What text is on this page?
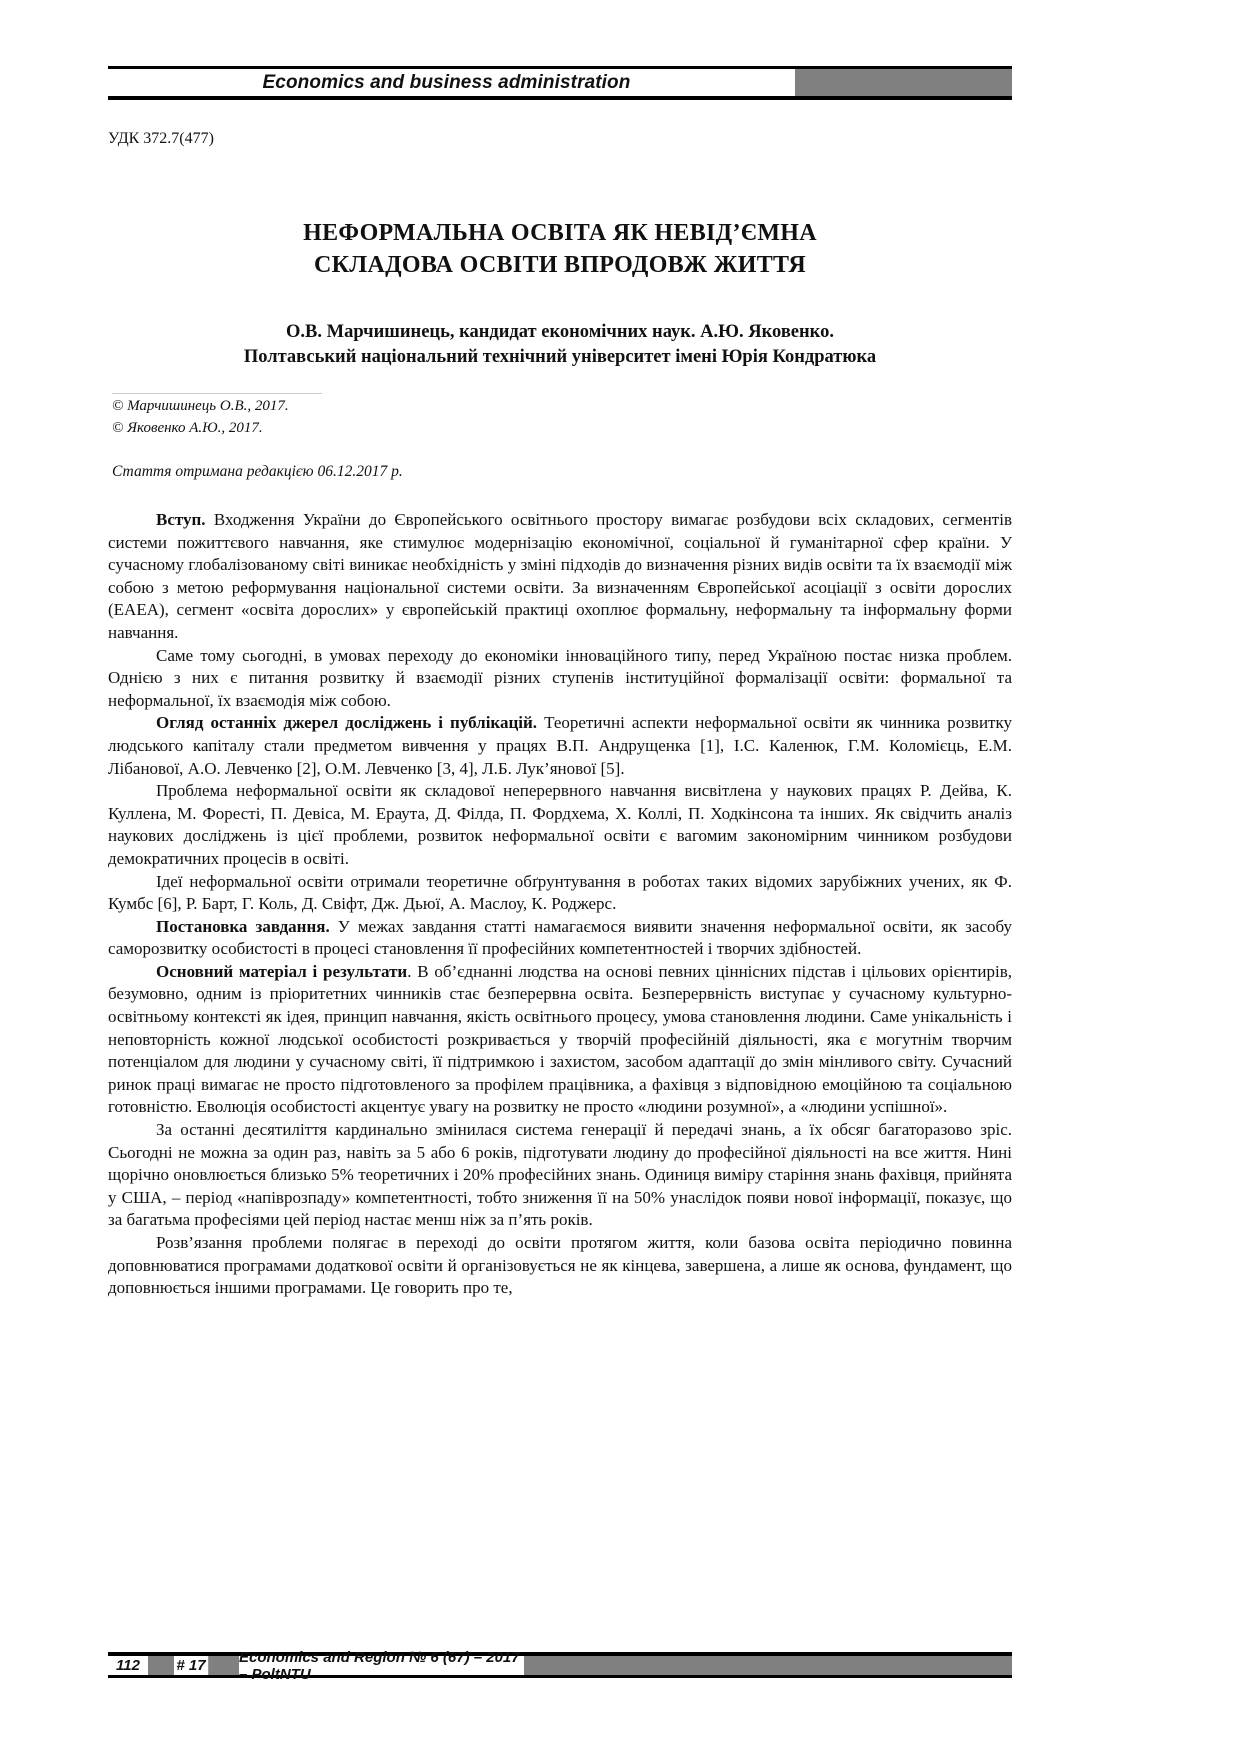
Economics and business administration
УДК 372.7(477)
НЕФОРМАЛЬНА ОСВІТА ЯК НЕВІД’ЄМНА
СКЛАДОВА ОСВІТИ ВПРОДОВЖ ЖИТТЯ
О.В. Марчишинець, кандидат економічних наук. А.Ю. Яковенко.
Полтавський національний технічний університет імені Юрія Кондратюка
© Марчишинець О.В., 2017.
© Яковенко А.Ю., 2017.
Стаття отримана редакцією 06.12.2017 р.

Вступ. Входження України до Європейського освітнього простору вимагає розбудови всіх складових, сегментів системи пожиттєвого навчання, яке стимулює модернізацію економічної, соціальної й гуманітарної сфер країни. У сучасному глобалізованому світі виникає необхідність у зміні підходів до визначення різних видів освіти та їх взаємодії між собою з метою реформування національної системи освіти. За визначенням Європейської асоціації з освіти дорослих (ЕАЕА), сегмент «освіта дорослих» у європейській практиці охоплює формальну, неформальну та інформальну форми навчання.

Саме тому сьогодні, в умовах переходу до економіки інноваційного типу, перед Україною постає низка проблем. Однією з них є питання розвитку й взаємодії різних ступенів інституційної формалізації освіти: формальної та неформальної, їх взаємодія між собою.

Огляд останніх джерел досліджень і публікацій. Теоретичні аспекти неформальної освіти як чинника розвитку людського капіталу стали предметом вивчення у працях В.П. Андрущенка [1], І.С. Каленюк, Г.М. Коломієць, Е.М. Лібанової, А.О. Левченко [2], О.М. Левченко [3, 4], Л.Б. Лук’янової [5].

Проблема неформальної освіти як складової неперервного навчання висвітлена у наукових працях Р. Дейва, К. Куллена, М. Форесті, П. Девіса, М. Ераута, Д. Філда, П. Фордхема, Х. Коллі, П. Ходкінсона та інших. Як свідчить аналіз наукових досліджень із цієї проблеми, розвиток неформальної освіти є вагомим закономірним чинником розбудови демократичних процесів в освіті.

Ідеї неформальної освіти отримали теоретичне обґрунтування в роботах таких відомих зарубіжних учених, як Ф. Кумбс [6], Р. Барт, Г. Коль, Д. Свіфт, Дж. Дьюї, А. Маслоу, К. Роджерс.

Постановка завдання. У межах завдання статті намагаємося виявити значення неформальної освіти, як засобу саморозвитку особистості в процесі становлення її професійних компетентностей і творчих здібностей.

Основний матеріал і результати. В об’єднанні людства на основі певних ціннісних підстав і цільових орієнтирів, безумовно, одним із пріоритетних чинників стає безперервна освіта. Безперервність виступає у сучасному культурно-освітньому контексті як ідея, принцип навчання, якість освітнього процесу, умова становлення людини. Саме унікальність і неповторність кожної людської особистості розкривається у творчій професійній діяльності, яка є могутнім творчим потенціалом для людини у сучасному світі, її підтримкою і захистом, засобом адаптації до змін мінливого світу. Сучасний ринок праці вимагає не просто підготовленого за профілем працівника, а фахівця з відповідною емоційною та соціальною готовністю. Еволюція особистості акцентує увагу на розвитку не просто «людини розумної», а «людини успішної».

За останні десятиліття кардинально змінилася система генерації й передачі знань, а їх обсяг багаторазово зріс. Сьогодні не можна за один раз, навіть за 5 або 6 років, підготувати людину до професійної діяльності на все життя. Нині щорічно оновлюється близько 5% теоретичних і 20% професійних знань. Одиниця виміру старіння знань фахівця, прийнята у США, – період «напіврозпаду» компетентності, тобто зниження її на 50% унаслідок появи нової інформації, показує, що за багатьма професіями цей період настає менш ніж за п’ять років.

Розв’язання проблеми полягає в переході до освіти протягом життя, коли базова освіта періодично повинна доповнюватися програмами додаткової освіти й організовується не як кінцева, завершена, а лише як основа, фундамент, що доповнюється іншими програмами. Це говорить про те,

112	# 17 Economics and Region № 6 (67) – 2017 – PoltNTU
